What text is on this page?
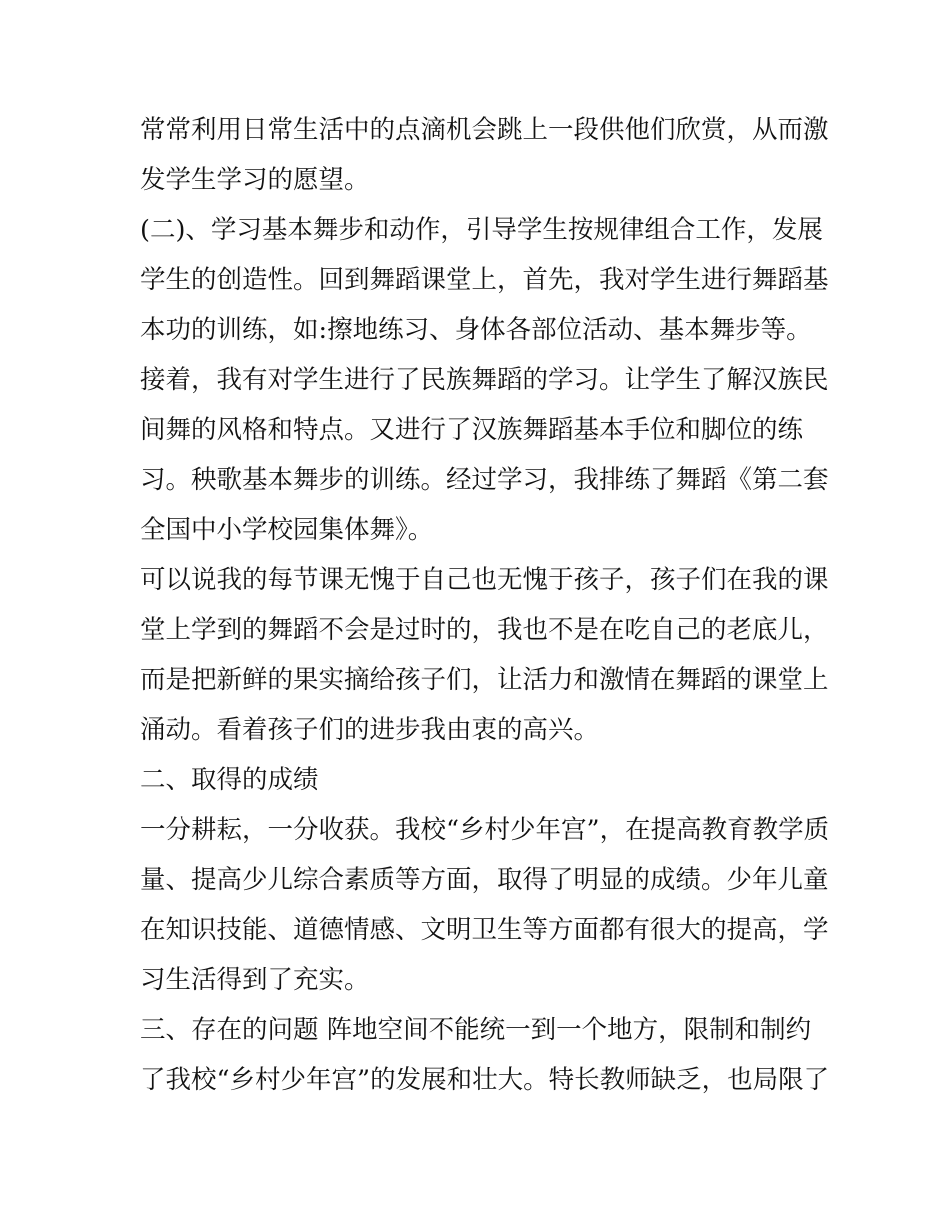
常常利用日常生活中的点滴机会跳上一段供他们欣赏，从而激
发学生学习的愿望。
(二)、学习基本舞步和动作，引导学生按规律组合工作，发展
学生的创造性。回到舞蹈课堂上，首先，我对学生进行舞蹈基
本功的训练，如:擦地练习、身体各部位活动、基本舞步等。
接着，我有对学生进行了民族舞蹈的学习。让学生了解汉族民
间舞的风格和特点。又进行了汉族舞蹈基本手位和脚位的练
习。秧歌基本舞步的训练。经过学习，我排练了舞蹈《第二套
全国中小学校园集体舞》。
可以说我的每节课无愧于自己也无愧于孩子，孩子们在我的课
堂上学到的舞蹈不会是过时的，我也不是在吃自己的老底儿，
而是把新鲜的果实摘给孩子们，让活力和激情在舞蹈的课堂上
涌动。看着孩子们的进步我由衷的高兴。
二、取得的成绩
一分耕耘，一分收获。我校“乡村少年宫”，在提高教育教学质
量、提高少儿综合素质等方面，取得了明显的成绩。少年儿童
在知识技能、道德情感、文明卫生等方面都有很大的提高，学
习生活得到了充实。
三、存在的问题 阵地空间不能统一到一个地方，限制和制约
了我校“乡村少年宫”的发展和壮大。特长教师缺乏，也局限了
